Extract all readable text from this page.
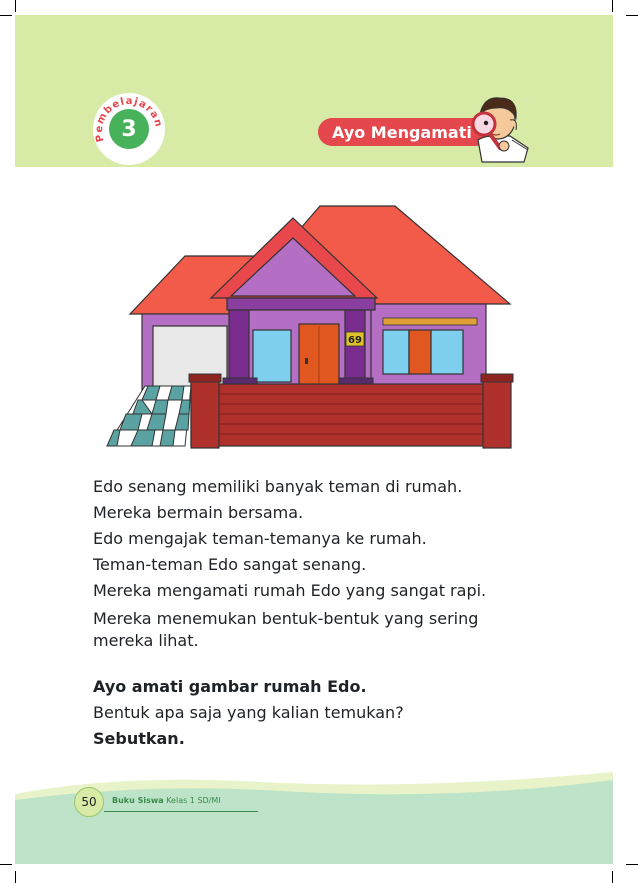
Pembelajaran
3	Ayo Mengamati
69

Edo senang memiliki banyak teman di rumah.

Mereka bermain bersama.

Edo mengajak teman-temanya ke rumah.

Teman-teman Edo sangat senang.

Mereka mengamati rumah Edo yang sangat rapi.

Mereka menemukan bentuk-bentuk yang sering

mereka lihat.

Ayo amati gambar rumah Edo.

Bentuk apa saja yang kalian temukan?

Sebutkan.

50	Buku Siswa Kelas 1 SD/MI
